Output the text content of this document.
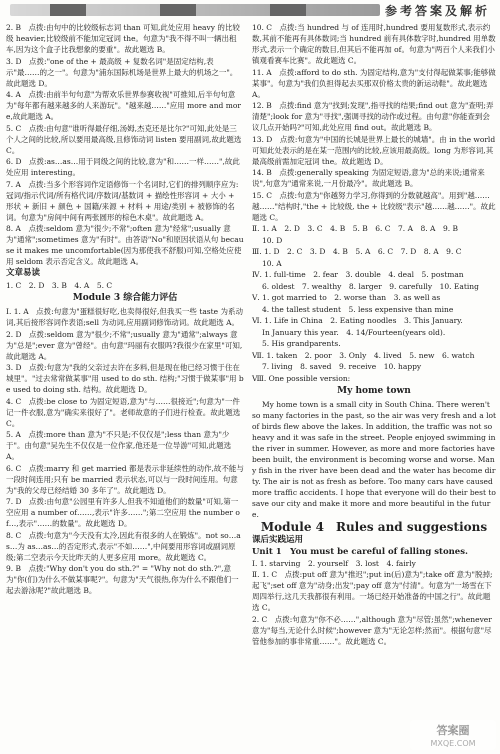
参考答案及解析

2. B　点拨:由句中的比较级标志词 than 可知,此处应用 heavy 的比较级 heavier,比较级前不能加定冠词 the。句意为"我不得不叫一辆出租车,因为这个盒子比我想象的要重"。故此题选 B。

3. D　点拨:"one of the + 最高级 + 复数名词"是固定结构,表示"最……的之一"。句意为"浦东国际机场是世界上最大的机场之一"。故此题选 D。

4. A　点拨:由前半句句意"为帮欢乐世界参赛收视"可推知,后半句句意为"每年都有越来越多的人来游玩"。"越来越……"应用 more and more,故此题选 A。

5. C　点拨:由句意"谁听得最仔细,汤姆,杰克还是比尔?"可知,此处是三个人之间的比较,所以要用最高级,且修饰动词 listen 要用副词,故此题选 C。

6. D　点拨:as…as…用于同级之间的比较,意为"和……一样……",故此处应用 interesting。

7. A　点拨:当多个形容词作定语修饰一个名词时,它们的排列顺序应为:冠词/指示代词/所有格代词/序数词/基数词 + 描绘性形容词 + 大小 + 形状 + 新旧 + 颜色 + 国籍/来源 + 材料 + 用途/类别 + 被修饰的名词。句意为"房间中间有两张圆形的棕色木桌"。故此题选 A。

8. A　点拨:seldom 意为"很少;不常";often 意为"经常";usually 意为"通常";sometimes 意为"有时"。由答语"No"和原因状语从句 because it makes me uncomfortable(因为那使我不舒服)可知,空格处应使用 seldom 表示否定含义。故此题选 A。

文章易读

1. C　2. D　3. B　4. A　5. C

Module 3 综合能力评估

Ⅰ. 1. A　点拨:句意为"蛋糕很好吃,也卖得很好,但我买一些 taste 为系动词,其后接形容词作表语;sell 为动词,应用副词修饰动词。故此题选 A。

2. D　点拨:seldom 意为"很少;不常";usually 意为"通常";always 意为"总是";ever 意为"曾经"。由句意"玛丽有衣服吗?我很少在家里"可知,故此题选 A。

3. D　点拨:句意为"我的父亲过去许在多料,但是现在他已经习惯于住在城里"。"过去常常做某事"用 used to do sth. 结构;"习惯于做某事"用 be used to doing sth. 结构。故此题选 D。

4. C　点拨:be close to 为固定短语,意为"与……很接近";句意为"一件记一件衣服,意为"确实来很好了"。老师故意的子们进行检查。故此题选 C。

5. A　点拨:more than 意为"不只是;不仅仅是";less than 意为"少于"。由句意"吴先生不仅仅是一位作家,他还是一位导游"可知,此题选 A。

6. C　点拨:marry 和 get married 都是表示非延续性的动作,故不能与一段时间连用;只有 be married 表示状态,可以与一段时间连用。句意为"我的父母已经结婚 30 多年了"。故此题选 D。

7. D　点拨:由句意"公园里有许多人,但我不知道他们的数量"可知,第一空应用 a number of……,表示"许多……";第二空应用 the number of…,表示"……的数量"。故此题选 D。

8. C　点拨:句意为"今天没有太冷,因此有很多的人在锻炼"。not so…as…为 as…as…的否定形式,表示"不如……",中间要用形容词或副词原级;第二空表示今天比昨天的人更多应用 more。故此题选 C。

9. B　点拨:"Why don't you do sth.?" = "Why not do sth.?",意为"你(们)为什么不做某事呢?"。句意为"天气很热,你为什么不跟他们一起去游泳呢?"故此题选 B。

10. C　点拨:当 hundred 与 of 连用时,hundred 要用复数形式,表示约数,其前不能再有具体数词;当 hundred 前有具体数字时,hundred 用单数形式,表示一个确定的数目,但其后不能再加 of。句意为"两百个人来我们小镇观看赛车比赛"。故此题选 C。

11. A　点拨:afford to do sth. 为固定结构,意为"支付得起做某事;能够做某事"。句意为"我们负担得起去买那双价格太贵的新运动鞋"。故此题选 A。

12. B　点拨:find 意为"找到;发现",指寻找的结果;find out 意为"查明;弄清楚";look for 意为"寻找",强调寻找的动作或过程。由句意"你能查到会议几点开始吗?"可知,此处应用 find out。故此题选 B。

13. D　点拨:句意为"中国的长城是世界上最长的城墙"。由 in the world 可知此处表示的是在某一范围内的比较,应该用最高级。long 为形容词,其最高级前需加定冠词 the。故此题选 D。

14. B　点拨:generally speaking 为固定短语,意为"总的来说;通常来说",句意为"通常来说,一月份最冷"。故此题选 B。

15. C　点拨:句意为"你越努力学习,你得到的分数就越高"。用到"越……越……"结构时,"the + 比较级, the + 比较级"表示"越……越……"。故此题选 C。

Ⅱ. 1. A　2. D　3. C　4. B　5. B　6. C　7. A　8. A　9. B

10. D

Ⅲ. 1. D　2. C　3. D　4. B　5. A　6. C　7. D　8. A　9. C

10. A

Ⅳ. 1. full-time　2. fear　3. double　4. deal　5. postman

6. oldest　7. wealthy　8. larger　9. carefully　10. Eating

Ⅴ. 1. got married to　2. worse than　3. as well as

4. the tallest student　5. less expensive than mine

Ⅵ. 1. Life in China　2. Eating noodles　3. This January.

In January this year.　4. 14/Fourteen(years old).

5. His grandparents.

Ⅶ. 1. taken　2. poor　3. Only　4. lived　5. new　6. watch

7. living　8. saved　9. receive　10. happy

Ⅷ. One possible version:

My home town

My home town is a small city in South China. There weren't so many factories in the past, so the air was very fresh and a lot of birds flew above the lakes. In addition, the traffic was not so heavy and it was safe in the street. People enjoyed swimming in the river in summer. However, as more and more factories have been built, the environment is becoming worse and worse. Many fish in the river have been dead and the water has become dirty. The air is not as fresh as before. Too many cars have caused more traffic accidents. I hope that everyone will do their best to save our city and make it more and more beautiful in the future.

Module 4　Rules and suggestions
课后实践运用
Unit 1　You must be careful of falling stones.

Ⅰ. 1. starving　2. yourself　3. lost　4. fairly

Ⅱ. 1. C　点拨:put off 意为"推迟";put in(后)意为";take off 意为"脱掉;起飞";set off 意为"动身;出发";pay off 意为"付清"。句意为"一场雪在下周四举行,这几天我都很有利用。一场已经开始准备的中国之行"。故此题选 C。

2. C　点拨:句意为"你不必……",although 意为"尽管;虽然";whenever 意为"每当,无论什么时候";however 意为"无论怎样;然而"。根据句意"尽管他参加的事非常重……"。故此题选 C。

答案圈
MXQE.COM
